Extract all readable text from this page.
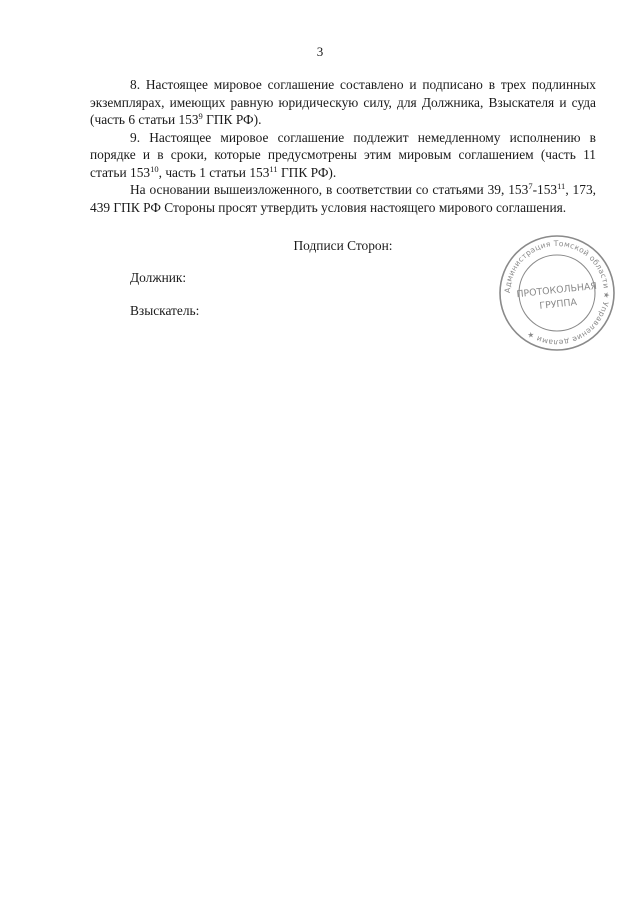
3

8. Настоящее мировое соглашение составлено и подписано в трех подлинных экземплярах, имеющих равную юридическую силу, для Должника, Взыскателя и суда (часть 6 статьи $153^9$ ГПК РФ).

9. Настоящее мировое соглашение подлежит немедленному исполнению в порядке и в сроки, которые предусмотрены этим мировым соглашением (часть 11 статьи $153^{10}$, часть 1 статьи $153^{11}$ ГПК РФ).

На основании вышеизложенного, в соответствии со статьями 39, $153^7-153^{11}$, 173, 439 ГПК РФ Стороны просят утвердить условия настоящего мирового соглашения.

Подписи Сторон:
Должник:
Взыскатель:
Администрация Томской области ★ Управление делами ★
ПРОТОКОЛЬНАЯ
ГРУППА
